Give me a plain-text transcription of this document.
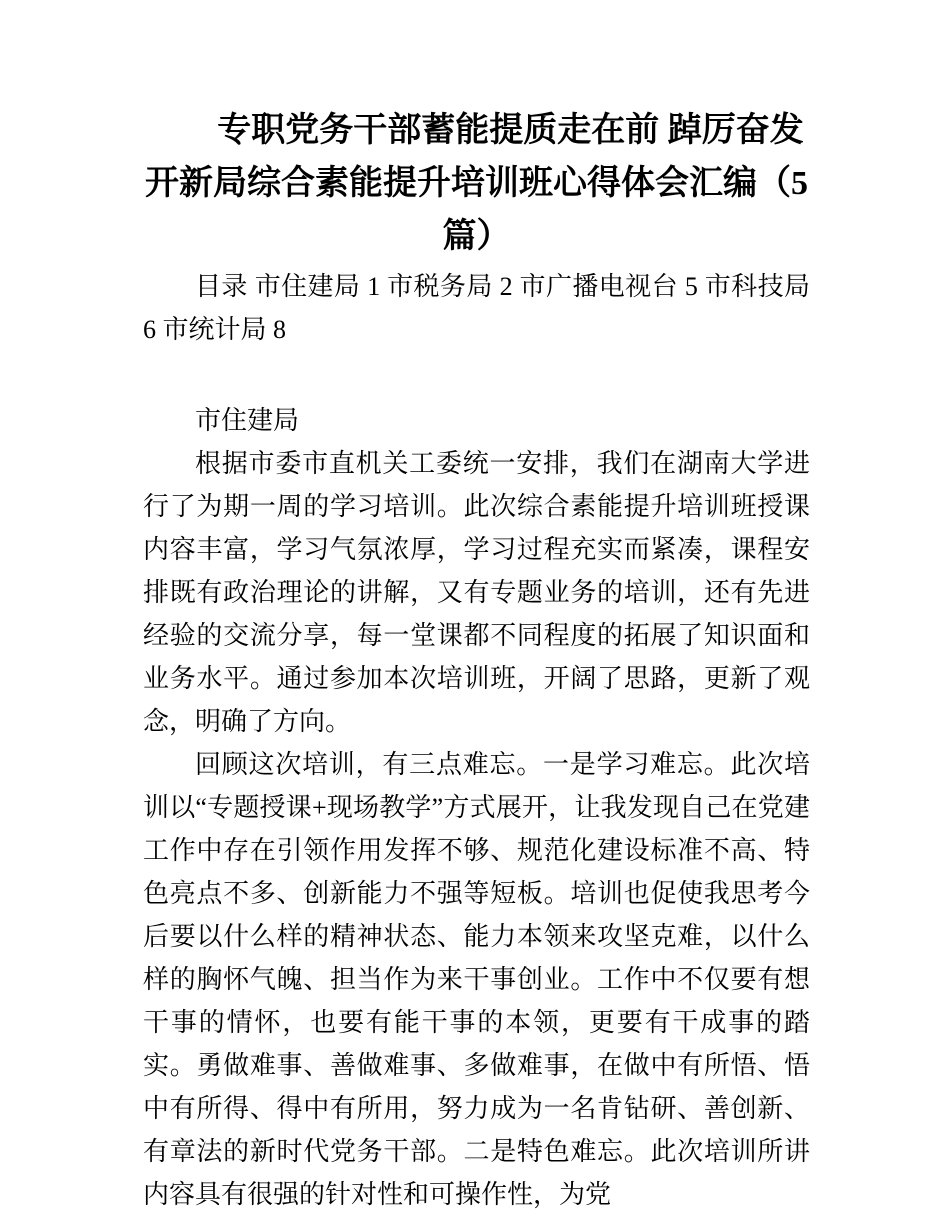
专职党务干部蓄能提质走在前 踔厉奋发开新局综合素能提升培训班心得体会汇编（5篇）

目录 市住建局 1 市税务局 2 市广播电视台 5 市科技局 6 市统计局 8

市住建局

根据市委市直机关工委统一安排，我们在湖南大学进行了为期一周的学习培训。此次综合素能提升培训班授课内容丰富，学习气氛浓厚，学习过程充实而紧凑，课程安排既有政治理论的讲解，又有专题业务的培训，还有先进经验的交流分享，每一堂课都不同程度的拓展了知识面和业务水平。通过参加本次培训班，开阔了思路，更新了观念，明确了方向。

回顾这次培训，有三点难忘。一是学习难忘。此次培训以“专题授课+现场教学”方式展开，让我发现自己在党建工作中存在引领作用发挥不够、规范化建设标准不高、特色亮点不多、创新能力不强等短板。培训也促使我思考今后要以什么样的精神状态、能力本领来攻坚克难，以什么样的胸怀气魄、担当作为来干事创业。工作中不仅要有想干事的情怀，也要有能干事的本领，更要有干成事的踏实。勇做难事、善做难事、多做难事，在做中有所悟、悟中有所得、得中有所用，努力成为一名肯钻研、善创新、有章法的新时代党务干部。二是特色难忘。此次培训所讲内容具有很强的针对性和可操作性，为党
